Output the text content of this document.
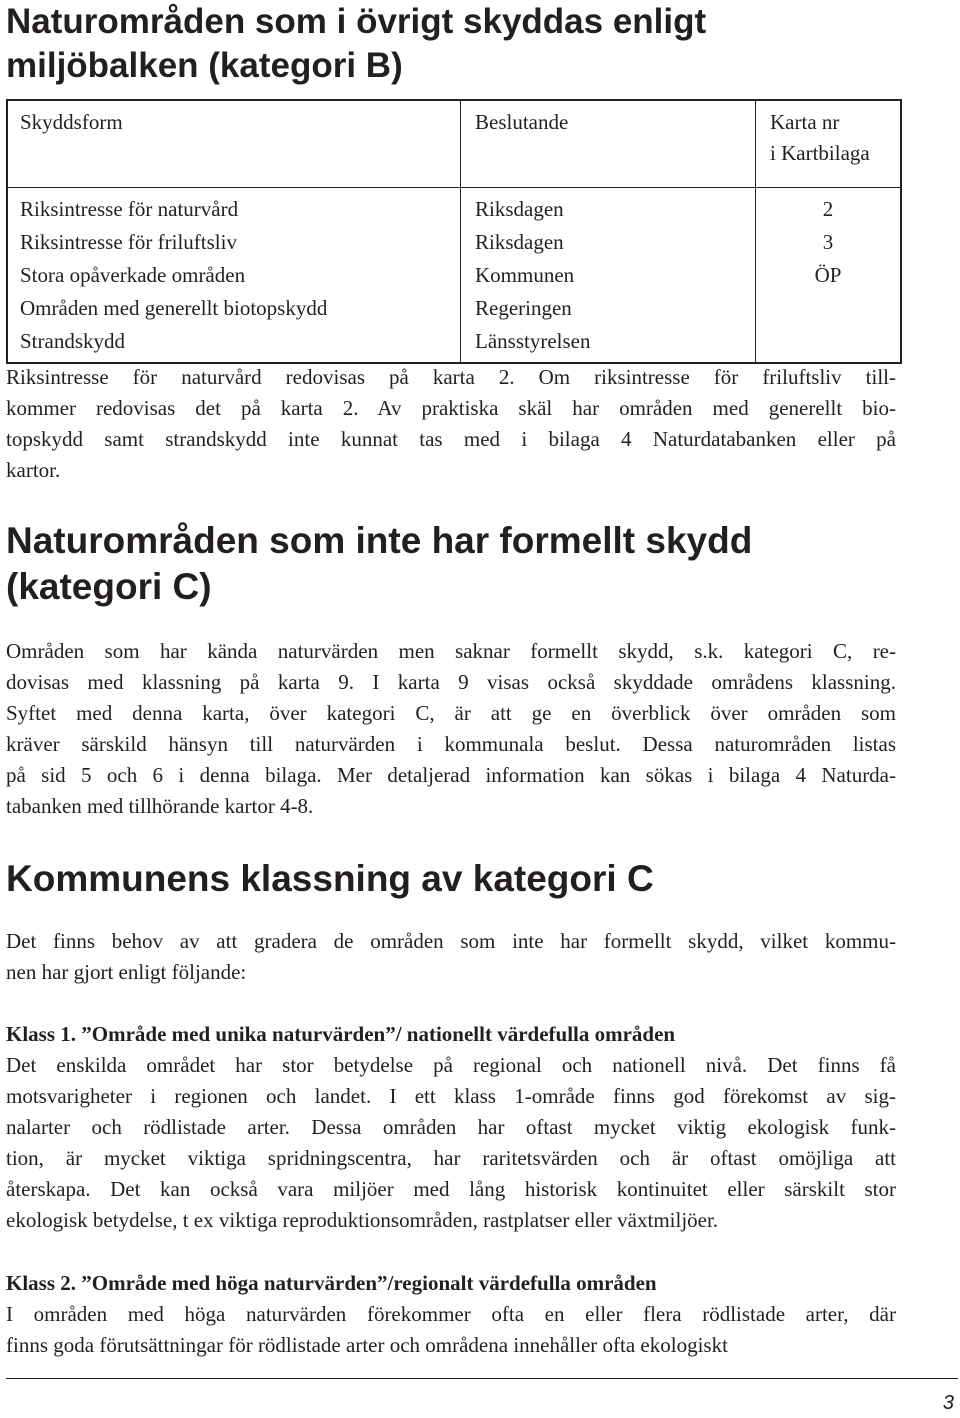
Naturområden som i övrigt skyddas enligt
miljöbalken (kategori B)
Skyddsform	Beslutande	Karta nr
i Kartbilaga

Riksintresse för naturvård	Riksdagen	2
Riksintresse för friluftsliv	Riksdagen	3
Stora opåverkade områden	Kommunen	ÖP
Områden med generellt biotopskydd	Regeringen	
Strandskydd	Länsstyrelsen	
Riksintresse för naturvård redovisas på karta 2. Om riksintresse för friluftsliv till-
kommer redovisas det på karta 2. Av praktiska skäl har områden med generellt bio-
topskydd samt strandskydd inte kunnat tas med i bilaga 4 Naturdatabanken eller på
kartor.
Naturområden som inte har formellt skydd
(kategori C)
Områden som har kända naturvärden men saknar formellt skydd, s.k. kategori C, re-
dovisas med klassning på karta 9. I karta 9 visas också skyddade områdens klassning.
Syftet med denna karta, över kategori C, är att ge en överblick över områden som
kräver särskild hänsyn till naturvärden i kommunala beslut. Dessa naturområden listas
på sid 5 och 6 i denna bilaga. Mer detaljerad information kan sökas i bilaga 4 Naturda-
tabanken med tillhörande kartor 4-8.
Kommunens klassning av kategori C
Det finns behov av att gradera de områden som inte har formellt skydd, vilket kommu-
nen har gjort enligt följande:
Klass 1. ”Område med unika naturvärden”/ nationellt värdefulla områden
Det enskilda området har stor betydelse på regional och nationell nivå. Det finns få
motsvarigheter i regionen och landet. I ett klass 1-område finns god förekomst av sig-
nalarter och rödlistade arter. Dessa områden har oftast mycket viktig ekologisk funk-
tion, är mycket viktiga spridningscentra, har raritetsvärden och är oftast omöjliga att
återskapa. Det kan också vara miljöer med lång historisk kontinuitet eller särskilt stor
ekologisk betydelse, t ex viktiga reproduktionsområden, rastplatser eller växtmiljöer.
Klass 2. ”Område med höga naturvärden”/regionalt värdefulla områden
I områden med höga naturvärden förekommer ofta en eller flera rödlistade arter, där
finns goda förutsättningar för rödlistade arter och områdena innehåller ofta ekologiskt
3
